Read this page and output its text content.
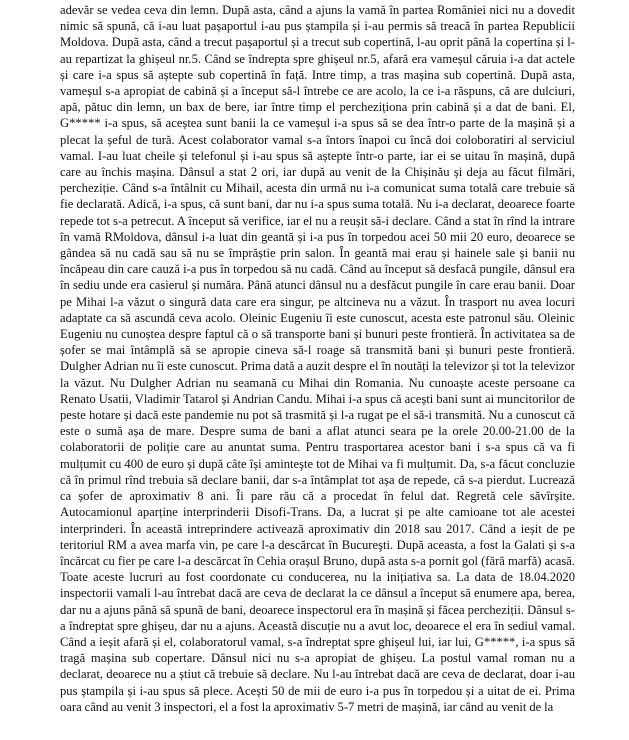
adevăr se vedea ceva din lemn. După asta, când a ajuns la vamă în partea României nici nu a dovedit nimic să spună, că i-au luat pașaportul i-au pus ștampila și i-au permis să treacă în partea Republicii Moldova. După asta, când a trecut pașaportul și a trecut sub copertină, l-au oprit până la copertina și l-au repartizat la ghișeul nr.5. Când se îndrepta spre ghișeul nr.5, afară era vameșul căruia i-a dat actele și care i-a spus să aștepte sub copertină în față. Intre timp, a tras mașina sub copertină. După asta, vameșul s-a apropiat de cabină și a început să-l întrebe ce are acolo, la ce i-a răspuns, că are dulciuri, apă, pătuc din lemn, un bax de bere, iar între timp el percheziționa prin cabină și a dat de bani. El, G***** i-a spus, să aceștea sunt banii la ce vameșul i-a spus să se dea într-o parte de la mașină și a plecat la șeful de tură. Acest colaborator vamal s-a întors înapoi cu încă doi coloboratiri al serviciul vamal. I-au luat cheile și telefonul și i-au spus să aștepte într-o parte, iar ei se uitau în mașină, după care au închis mașina. Dânsul a stat 2 ori, iar după au venit de la Chișinău și deja au făcut filmări, percheziție. Când s-a întâlnit cu Mihail, acesta din urmă nu i-a comunicat suma totală care trebuie să fie declarată. Adică, i-a spus, că sunt bani, dar nu i-a spus suma totală. Nu i-a declarat, deoarece foarte repede tot s-a petrecut. A început să verifice, iar el nu a reușit să-i declare. Când a stat în rînd la intrare în vamă RMoldova, dânsul i-a luat din geantă și i-a pus în torpedou acei 50 mii 20 euro, deoarece se gândea să nu cadă sau să nu se împrăștie prin salon. În geantă mai erau și hainele sale și banii nu încăpeau din care cauză i-a pus în torpedou să nu cadă. Când au început să desfacă pungile, dânsul era în sediu unde era casierul și număra. Până atunci dânsul nu a desfăcut pungile în care erau banii. Doar pe Mihai l-a văzut o singură data care era singur, pe altcineva nu a văzut. În trasport nu avea locuri adaptate ca să ascundă ceva acolo. Oleinic Eugeniu îi este cunoscut, acesta este patronul său. Oleinic Eugeniu nu cunoștea despre faptul că o să transporte bani și bunuri peste frontieră. În activitatea sa de șofer se mai întâmplă să se apropie cineva să-l roage să transmită bani și bunuri peste frontieră. Dulgher Adrian nu îi este cunoscut. Prima dată a auzit despre el în noutăți la televizor și tot la televizor la văzut. Nu Dulgher Adrian nu seamană cu Mihai din Romania. Nu cunoaște aceste persoane ca Renato Usatii, Vladimir Tatarol și Andrian Candu. Mihai i-a spus că acești bani sunt ai muncitorilor de peste hotare și dacă este pandemie nu pot să trasmită și l-a rugat pe el să-i transmită. Nu a cunoscut că este o sumă așa de mare. Despre suma de bani a aflat atunci seara pe la orele 20.00-21.00 de la colaboratorii de poliție care au anuntat suma. Pentru trasportarea acestor bani i s-a spus că va fi mulțumit cu 400 de euro și după câte își aminteşte tot de Mihai va fi mulțumit. Da, s-a făcut concluzie că în primul rînd trebuia să declare banii, dar s-a întâmplat tot așa de repede, că s-a pierdut. Lucrează ca șofer de aproximativ 8 ani. Îi pare rău că a procedat în felul dat. Regretă cele săvîrșite. Autocamionul aparține interprinderii Disofi-Trans. Da, a lucrat și pe alte camioane tot ale acestei interprinderi. În această intreprindere activează aproximativ din 2018 sau 2017. Când a ieșit de pe teritoriul RM a avea marfa vin, pe care l-a descărcat în Bucureşti. După aceasta, a fost la Galati și s-a încărcat cu fier pe care l-a descărcat în Cehia orașul Bruno, după asta s-a pornit gol (fără marfă) acasă. Toate aceste lucruri au fost coordonate cu conducerea, nu la inițiativa sa. La data de 18.04.2020 inspectorii vamali l-au întrebat dacă are ceva de declarat la ce dânsul a început să enumere apa, berea, dar nu a ajuns până să spună de bani, deoarece inspectorul era în mașină și făcea percheziții. Dânsul s-a îndreptat spre ghișeu, dar nu a ajuns. Această discuție nu a avut loc, deoarece el era în sediul vamal. Când a ieșit afară și el, colaboratorul vamal, s-a îndreptat spre ghișeul lui, iar lui, G*****, i-a spus să tragă mașina sub copertare. Dânsul nici nu s-a apropiat de ghișeu. La postul vamal roman nu a declarat, deoarece nu a știut că trebuie să declare. Nu l-au întrebat dacă are ceva de declarat, doar i-au pus ștampila și i-au spus să plece. Acești 50 de mii de euro i-a pus în torpedou și a uitat de ei. Prima oara când au venit 3 inspectori, el a fost la aproximativ 5-7 metri de mașină, iar când au venit de la
